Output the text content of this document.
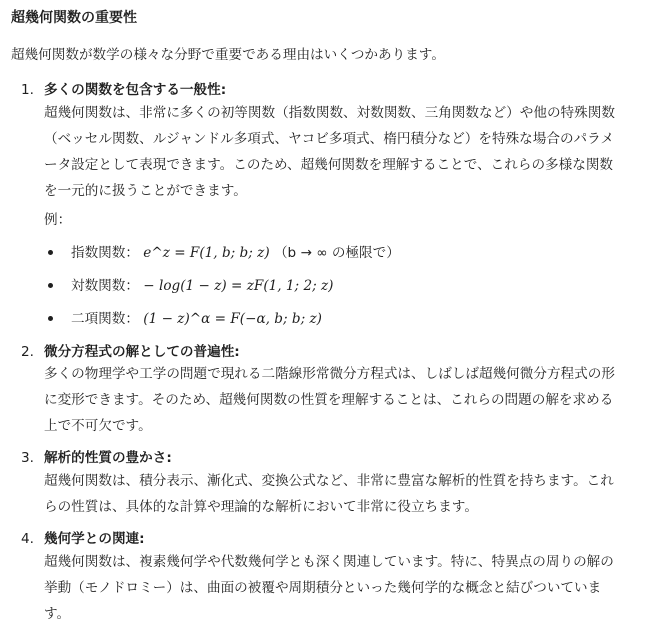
超幾何関数の重要性
超幾何関数が数学の様々な分野で重要である理由はいくつかあります。
1. 多くの関数を包含する一般性:
超幾何関数は、非常に多くの初等関数（指数関数、対数関数、三角関数など）や他の特殊関数
（ベッセル関数、ルジャンドル多項式、ヤコビ多項式、楕円積分など）を特殊な場合のパラメ
ータ設定として表現できます。このため、超幾何関数を理解することで、これらの多様な関数
を一元的に扱うことができます。
例：
指数関数： e^z = F(1, b; b; z) （b → ∞ の極限で）
対数関数： − log(1 − z) = zF(1, 1; 2; z)
二項関数： (1 − z)^α = F(−α, b; b; z)
2. 微分方程式の解としての普遍性:
多くの物理学や工学の問題で現れる二階線形常微分方程式は、しばしば超幾何微分方程式の形
に変形できます。そのため、超幾何関数の性質を理解することは、これらの問題の解を求める
上で不可欠です。
3. 解析的性質の豊かさ:
超幾何関数は、積分表示、漸化式、変換公式など、非常に豊富な解析的性質を持ちます。これ
らの性質は、具体的な計算や理論的な解析において非常に役立ちます。
4. 幾何学との関連:
超幾何関数は、複素幾何学や代数幾何学とも深く関連しています。特に、特異点の周りの解の
挙動（モノドロミー）は、曲面の被覆や周期積分といった幾何学的な概念と結びついていま
す。
